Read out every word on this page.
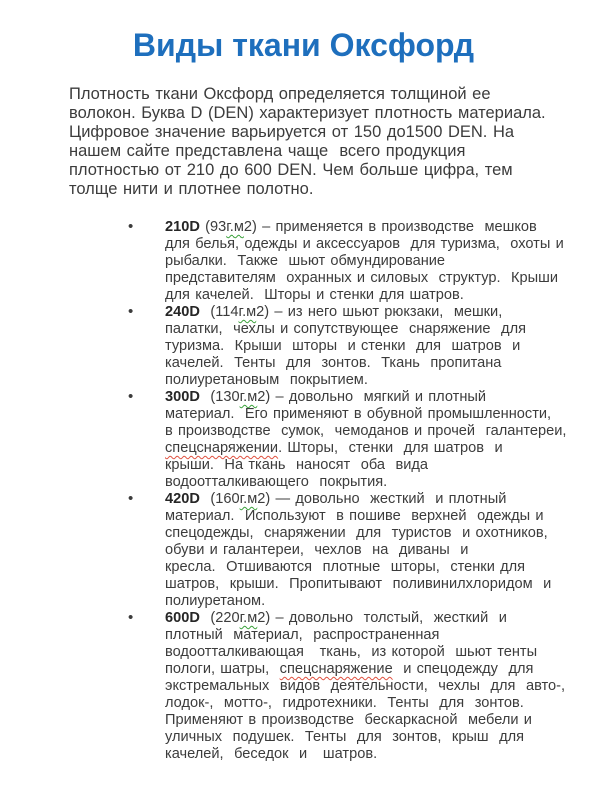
Виды ткани Оксфорд
Плотность ткани Оксфорд определяется толщиной ее
волокон. Буква D (DEN) характеризует плотность материала.
Цифровое значение варьируется от 150 до1500 DEN. На
нашем сайте представлена чаще  всего продукция
плотностью от 210 до 600 DEN. Чем больше цифра, тем
толще нити и плотнее полотно.
• 210D (93г.м2) – применяется в производстве  мешков
для белья, одежды и аксессуаров  для туризма,  охоты и
рыбалки.  Также  шьют обмундирование
представителям  охранных и силовых  структур.  Крыши
для качелей.  Шторы и стенки для шатров.
• 240D  (114г.м2) – из него шьют рюкзаки,  мешки,
палатки,  чехлы и сопутствующее  снаряжение  для
туризма.  Крыши  шторы  и стенки  для  шатров  и
качелей.  Тенты  для  зонтов.  Ткань  пропитана
полиуретановым  покрытием.
• 300D  (130г.м2) – довольно  мягкий и плотный
материал.  Его применяют в обувной промышленности,
в производстве  сумок,  чемоданов и прочей  галантереи,
спецснаряжении. Шторы,  стенки  для шатров  и
крыши.  На ткань  наносят  оба  вида
водоотталкивающего  покрытия.
• 420D  (160г.м2) — довольно  жесткий  и плотный
материал.  Используют  в пошиве  верхней  одежды и
спецодежды,  снаряжении  для  туристов  и охотников,
обуви и галантереи,  чехлов  на  диваны  и
кресла.  Отшиваются  плотные  шторы,  стенки для
шатров,  крыши.  Пропитывают  поливинилхлоридом  и
полиуретаном.
• 600D  (220г.м2) – довольно  толстый,  жесткий  и
плотный  материал,  распространенная
водоотталкивающая   ткань,  из которой  шьют тенты
пологи, шатры,  спецснаряжение  и спецодежду  для
экстремальных  видов  деятельности,  чехлы  для  авто-,
лодок-,  мотто-,  гидротехники.  Тенты  для  зонтов.
Применяют в производстве  бескаркасной  мебели и
уличных  подушек.  Тенты  для  зонтов,  крыш  для
качелей,  беседок  и   шатров.
